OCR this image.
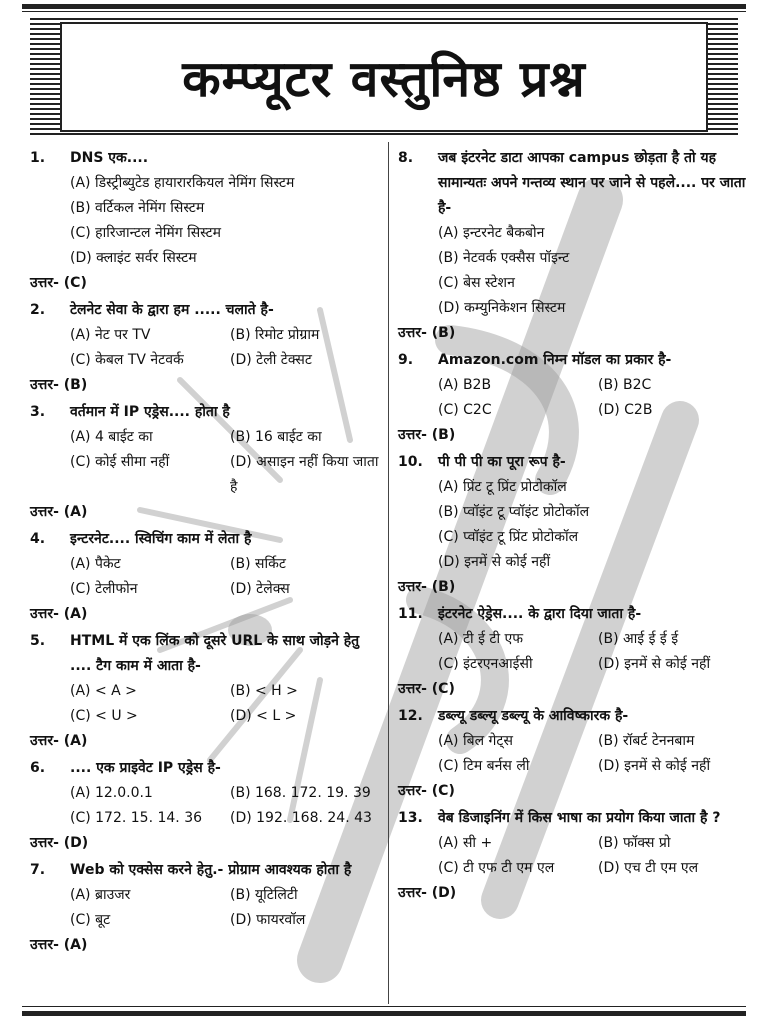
कम्प्यूटर वस्तुनिष्ठ प्रश्न
1.	DNS एक....
(A) डिस्ट्रीब्युटेड हायारारकियल नेमिंग सिस्टम
(B) वर्टिकल नेमिंग सिस्टम
(C) हारिजान्टल नेमिंग सिस्टम
(D) क्लाइंट सर्वर सिस्टम
उत्तर- (C)
2.	टेलनेट सेवा के द्वारा हम ..... चलाते है-
(A) नेट पर TV	(B) रिमोट प्रोग्राम
(C) केबल TV नेटवर्क	(D) टेली टेक्सट
उत्तर- (B)
3.	वर्तमान में IP एड्रेस.... होता है
(A) 4 बाईट का	(B) 16 बाईट का
(C) कोई सीमा नहीं	(D) असाइन नहीं किया जाता है
उत्तर- (A)
4.	इन्टरनेट.... स्विचिंग काम में लेता है
(A) पैकेट	(B) सर्किट
(C) टेलीफोन	(D) टेलेक्स
उत्तर- (A)
5.	HTML में एक लिंक को दूसरे URL के साथ जोड़ने हेतु .... टैग काम में आता है-
(A) < A >	(B) < H >
(C) < U >	(D) < L >
उत्तर- (A)
6.	.... एक प्राइवेट IP एड्रेस है-
(A) 12.0.0.1	(B) 168. 172. 19. 39
(C) 172. 15. 14. 36	(D) 192. 168. 24. 43
उत्तर- (D)
7.	Web को एक्सेस करने हेतु.- प्रोग्राम आवश्यक होता है
(A) ब्राउजर	(B) यूटिलिटी
(C) बूट	(D) फायरवॉल
उत्तर- (A)
8.	जब इंटरनेट डाटा आपका campus छोड़ता है तो यह सामान्यतः अपने गन्तव्य स्थान पर जाने से पहले.... पर जाता है-
(A) इन्टरनेट बैकबोन
(B) नेटवर्क एक्सैस पॉइन्ट
(C) बेस स्टेशन
(D) कम्युनिकेशन सिस्टम
उत्तर- (B)
9.	Amazon.com निम्न मॉडल का प्रकार है-
(A) B2B	(B) B2C
(C) C2C	(D) C2B
उत्तर- (B)
10.	पी पी पी का पूरा रूप है-
(A) प्रिंट टू प्रिंट प्रोटोकॉल
(B) प्वॉइंट टू प्वॉइंट प्रोटोकॉल
(C) प्वॉइंट टू प्रिंट प्रोटोकॉल
(D) इनमें से कोई नहीं
उत्तर- (B)
11.	इंटरनेट ऐड्रेस.... के द्वारा दिया जाता है-
(A) टी ई टी एफ	(B) आई ई ई ई
(C) इंटरएनआईसी	(D) इनमें से कोई नहीं
उत्तर- (C)
12.	डब्ल्यू डब्ल्यू डब्ल्यू के आविष्कारक है-
(A) बिल गेट्स	(B) रॉबर्ट टेननबाम
(C) टिम बर्नस ली	(D) इनमें से कोई नहीं
उत्तर- (C)
13.	वेब डिजाइनिंग में किस भाषा का प्रयोग किया जाता है ?
(A) सी +	(B) फॉक्स प्रो
(C) टी एफ टी एम एल	(D) एच टी एम एल
उत्तर- (D)
